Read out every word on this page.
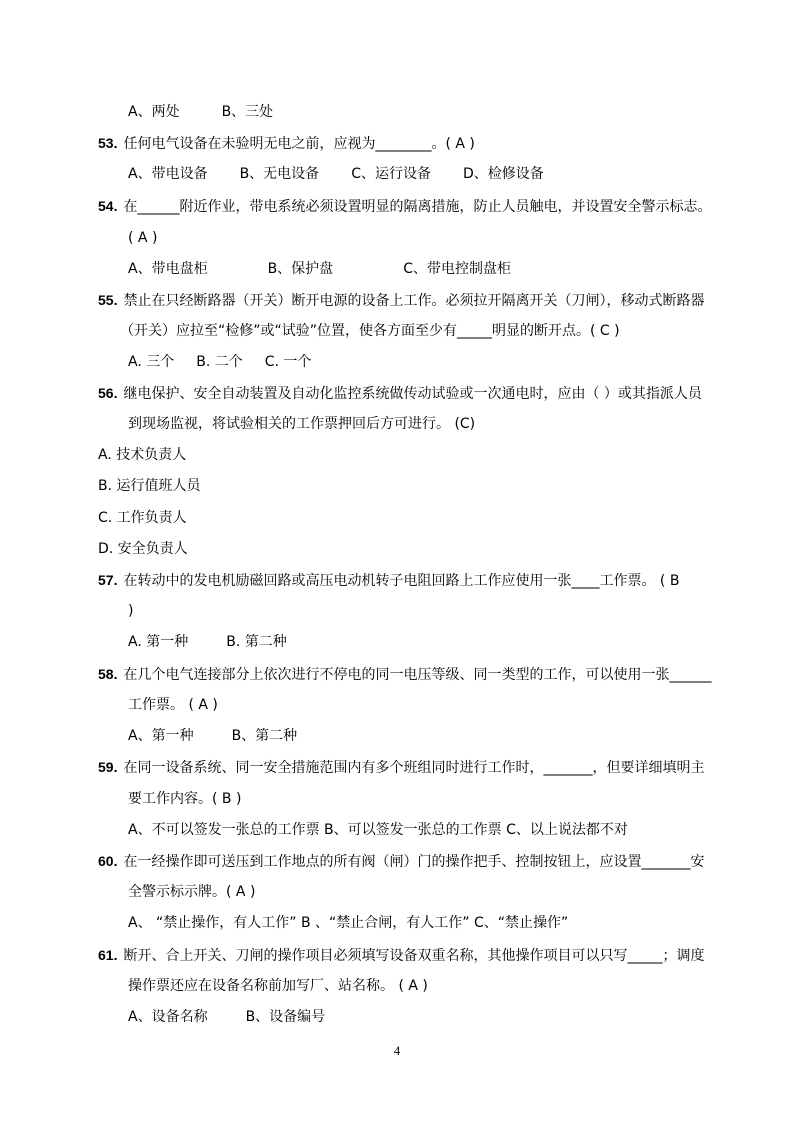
A、两处	B、三处
53. 任何电气设备在未验明无电之前，应视为________。( A )
A、带电设备 B、无电设备 C、运行设备 D、检修设备
54. 在______附近作业，带电系统必须设置明显的隔离措施，防止人员触电，并设置安全警示标志。
( A )
A、带电盘柜	B、保护盘	C、带电控制盘柜
55. 禁止在只经断路器（开关）断开电源的设备上工作。必须拉开隔离开关（刀闸），移动式断路器
（开关）应拉至“检修”或“试验”位置，使各方面至少有_____明显的断开点。( C )
A. 三个 B. 二个 C. 一个
56. 继电保护、安全自动装置及自动化监控系统做传动试验或一次通电时，应由（ ）或其指派人员
到现场监视，将试验相关的工作票押回后方可进行。 (C)
A. 技术负责人
B. 运行值班人员
C. 工作负责人
D. 安全负责人
57. 在转动中的发电机励磁回路或高压电动机转子电阻回路上工作应使用一张____工作票。 ( B
)
A. 第一种	B. 第二种
58. 在几个电气连接部分上依次进行不停电的同一电压等级、同一类型的工作，可以使用一张______
工作票。 ( A )
A、第一种	B、第二种
59. 在同一设备系统、同一安全措施范围内有多个班组同时进行工作时，_______，但要详细填明主
要工作内容。( B )
A、不可以签发一张总的工作票 B、可以签发一张总的工作票 C、以上说法都不对
60. 在一经操作即可送压到工作地点的所有阀（闸）门的操作把手、控制按钮上，应设置_______安
全警示标示牌。( A )
A、 “禁止操作，有人工作” B 、“禁止合闸，有人工作” C、“禁止操作”
61. 断开、合上开关、刀闸的操作项目必须填写设备双重名称，其他操作项目可以只写_____；调度
操作票还应在设备名称前加写厂、站名称。 ( A )
A、设备名称	B、设备编号
4
